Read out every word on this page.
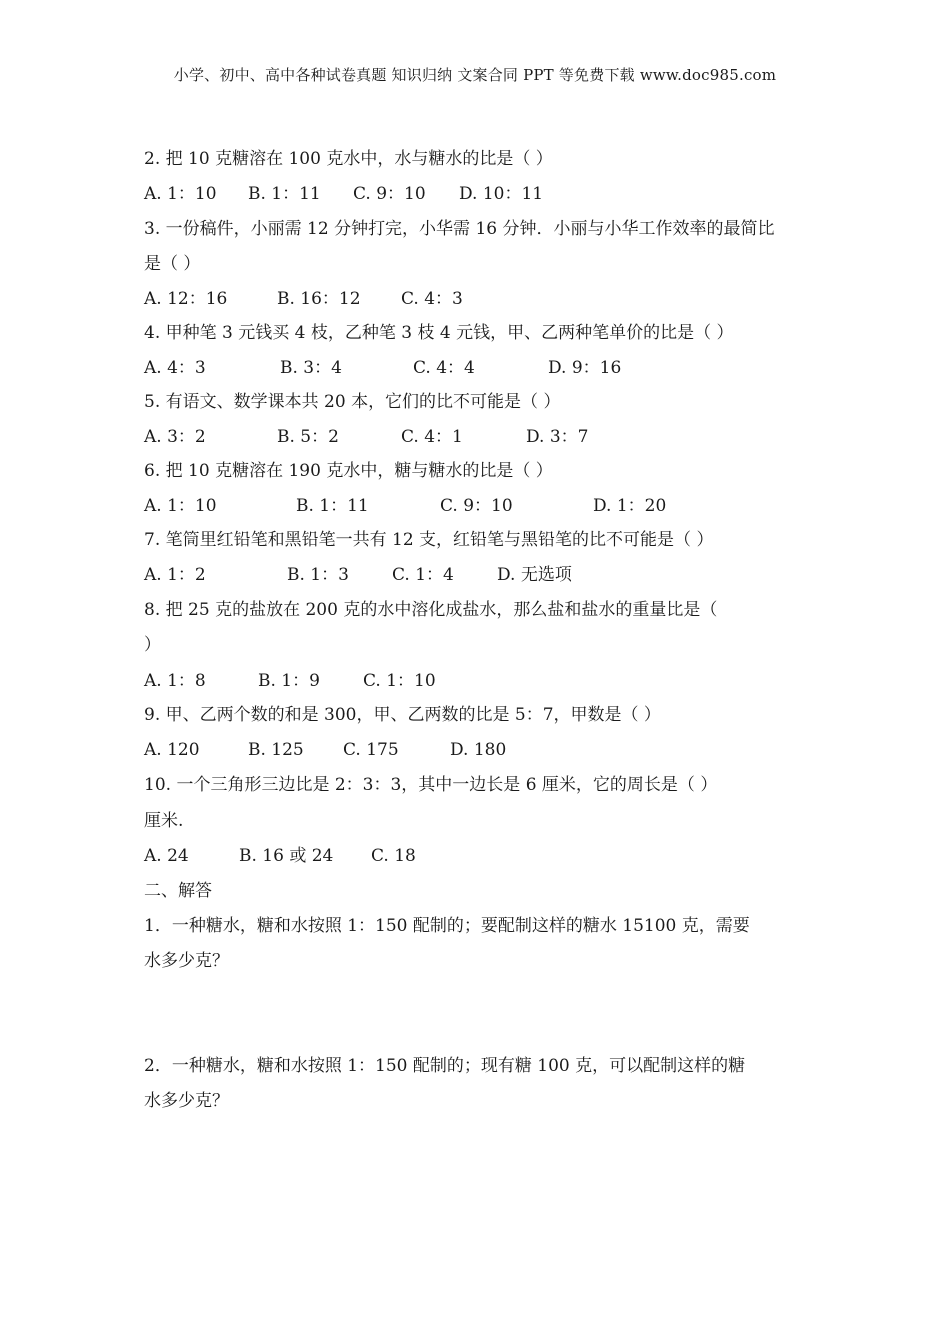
小学、初中、高中各种试卷真题 知识归纳 文案合同 PPT 等免费下载 www.doc985.com
2. 把 10 克糖溶在 100 克水中，水与糖水的比是（ ）
A. 1：10 B. 1：11 C. 9：10 D. 10：11
3. 一份稿件，小丽需 12 分钟打完，小华需 16 分钟．小丽与小华工作效率的最简比
是（ ）
A. 12：16	B. 16：12 C. 4：3
4. 甲种笔 3 元钱买 4 枝，乙种笔 3 枝 4 元钱，甲、乙两种笔单价的比是（ ）
A. 4：3	B. 3：4	C. 4：4	D. 9：16
5. 有语文、数学课本共 20 本，它们的比不可能是（ ）
A. 3：2	B. 5：2	C. 4：1	D. 3：7
6. 把 10 克糖溶在 190 克水中，糖与糖水的比是（ ）
A. 1：10	B. 1：11	C. 9：10	D. 1：20
7. 笔筒里红铅笔和黑铅笔一共有 12 支，红铅笔与黑铅笔的比不可能是（ ）
A. 1：2	B. 1：3	C. 1：4	D. 无选项
8. 把 25 克的盐放在 200 克的水中溶化成盐水，那么盐和盐水的重量比是（
）
A. 1：8	B. 1：9	C. 1：10
9. 甲、乙两个数的和是 300，甲、乙两数的比是 5：7，甲数是（ ）
A. 120	B. 125 C. 175	D. 180
10. 一个三角形三边比是 2：3：3，其中一边长是 6 厘米，它的周长是（ ）
厘米.
A. 24	B. 16 或 24 C. 18
二、解答
1．一种糖水，糖和水按照 1：150 配制的；要配制这样的糖水 15100 克，需要
水多少克？
2．一种糖水，糖和水按照 1：150 配制的；现有糖 100 克，可以配制这样的糖
水多少克？
